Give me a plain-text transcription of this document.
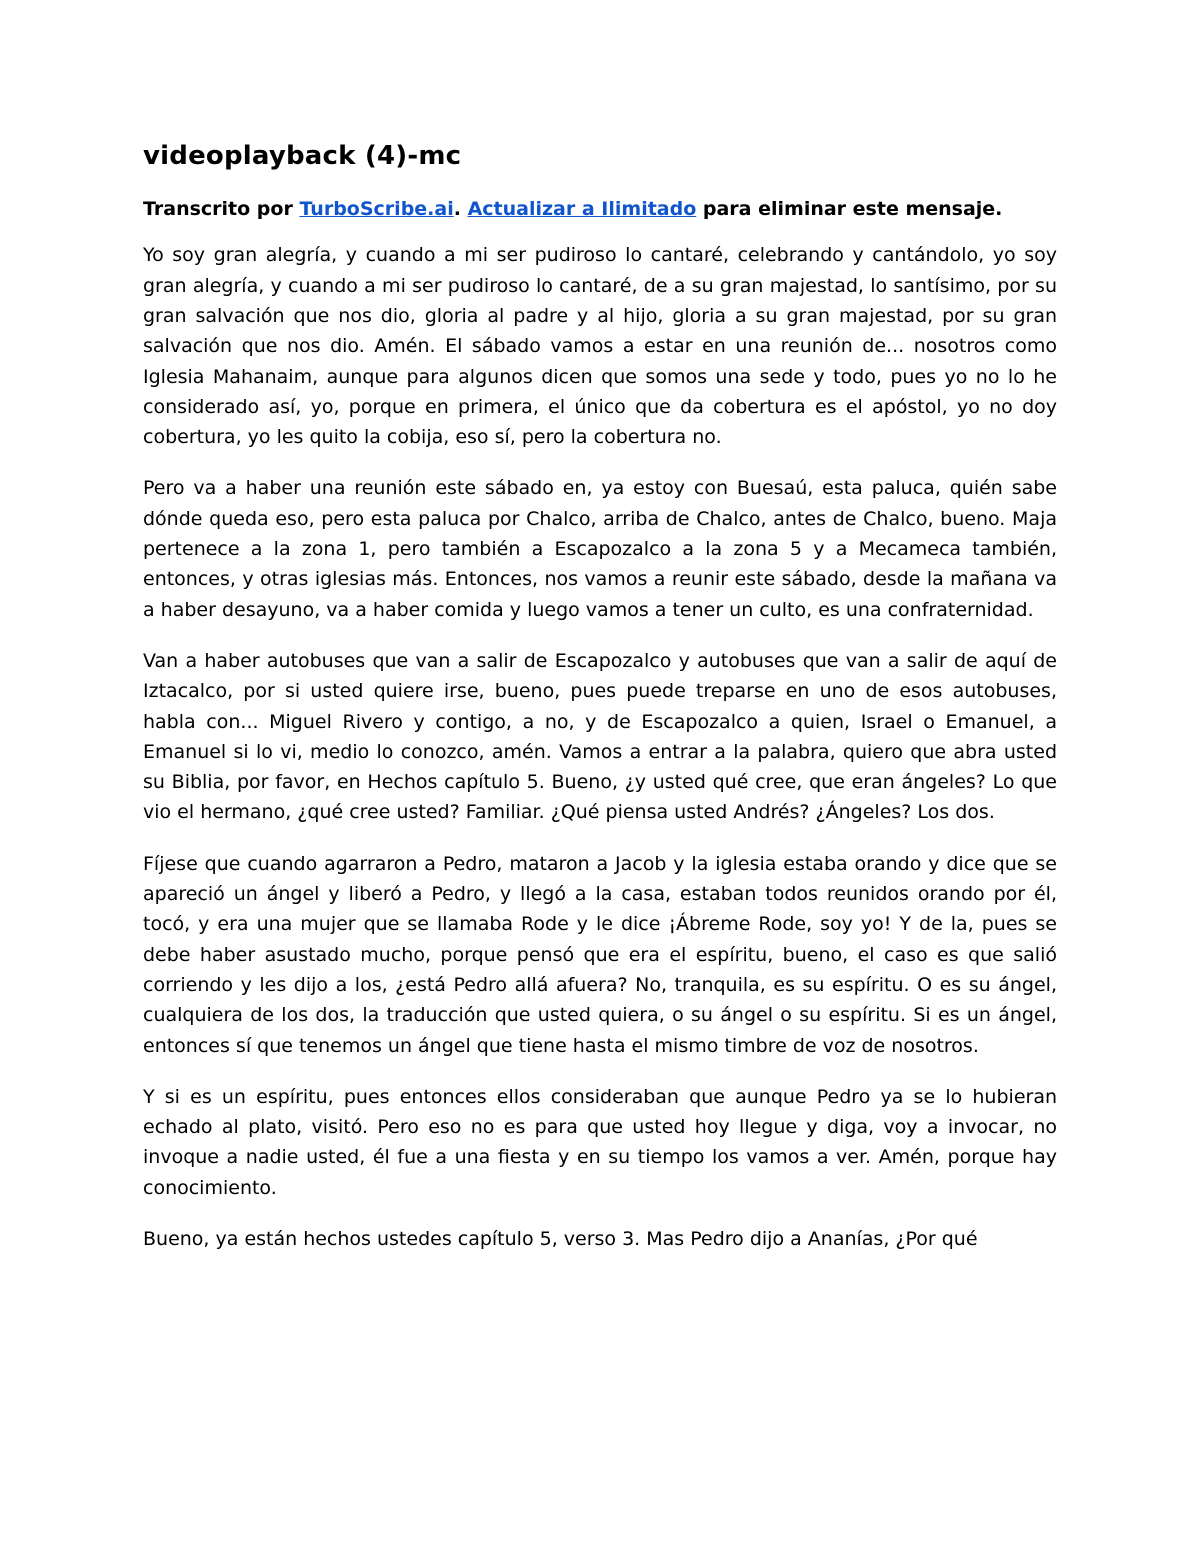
videoplayback (4)-mc

Transcrito por TurboScribe.ai. Actualizar a Ilimitado para eliminar este mensaje.

Yo soy gran alegría, y cuando a mi ser pudiroso lo cantaré, celebrando y cantándolo, yo soy gran alegría, y cuando a mi ser pudiroso lo cantaré, de a su gran majestad, lo santísimo, por su gran salvación que nos dio, gloria al padre y al hijo, gloria a su gran majestad, por su gran salvación que nos dio. Amén. El sábado vamos a estar en una reunión de... nosotros como Iglesia Mahanaim, aunque para algunos dicen que somos una sede y todo, pues yo no lo he considerado así, yo, porque en primera, el único que da cobertura es el apóstol, yo no doy cobertura, yo les quito la cobija, eso sí, pero la cobertura no.

Pero va a haber una reunión este sábado en, ya estoy con Buesaú, esta paluca, quién sabe dónde queda eso, pero esta paluca por Chalco, arriba de Chalco, antes de Chalco, bueno. Maja pertenece a la zona 1, pero también a Escapozalco a la zona 5 y a Mecameca también, entonces, y otras iglesias más. Entonces, nos vamos a reunir este sábado, desde la mañana va a haber desayuno, va a haber comida y luego vamos a tener un culto, es una confraternidad.

Van a haber autobuses que van a salir de Escapozalco y autobuses que van a salir de aquí de Iztacalco, por si usted quiere irse, bueno, pues puede treparse en uno de esos autobuses, habla con... Miguel Rivero y contigo, a no, y de Escapozalco a quien, Israel o Emanuel, a Emanuel si lo vi, medio lo conozco, amén. Vamos a entrar a la palabra, quiero que abra usted su Biblia, por favor, en Hechos capítulo 5. Bueno, ¿y usted qué cree, que eran ángeles? Lo que vio el hermano, ¿qué cree usted? Familiar. ¿Qué piensa usted Andrés? ¿Ángeles? Los dos.

Fíjese que cuando agarraron a Pedro, mataron a Jacob y la iglesia estaba orando y dice que se apareció un ángel y liberó a Pedro, y llegó a la casa, estaban todos reunidos orando por él, tocó, y era una mujer que se llamaba Rode y le dice ¡Ábreme Rode, soy yo! Y de la, pues se debe haber asustado mucho, porque pensó que era el espíritu, bueno, el caso es que salió corriendo y les dijo a los, ¿está Pedro allá afuera? No, tranquila, es su espíritu. O es su ángel, cualquiera de los dos, la traducción que usted quiera, o su ángel o su espíritu. Si es un ángel, entonces sí que tenemos un ángel que tiene hasta el mismo timbre de voz de nosotros.

Y si es un espíritu, pues entonces ellos consideraban que aunque Pedro ya se lo hubieran echado al plato, visitó. Pero eso no es para que usted hoy llegue y diga, voy a invocar, no invoque a nadie usted, él fue a una fiesta y en su tiempo los vamos a ver. Amén, porque hay conocimiento.

Bueno, ya están hechos ustedes capítulo 5, verso 3. Mas Pedro dijo a Ananías, ¿Por qué
